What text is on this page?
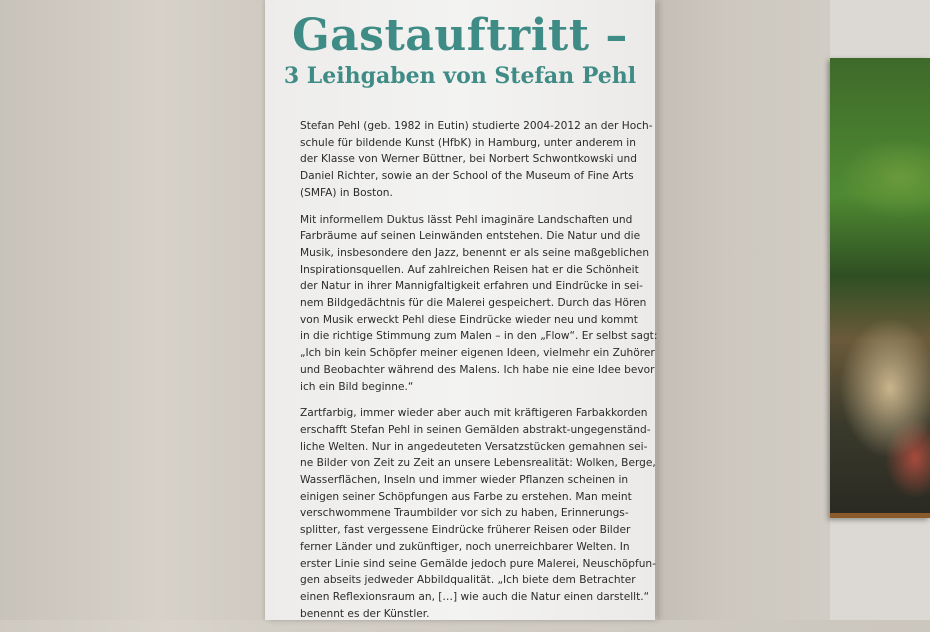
Gastauftritt –
3 Leihgaben von Stefan Pehl

Stefan Pehl (geb. 1982 in Eutin) studierte 2004-2012 an der Hoch-
schule für bildende Kunst (HfbK) in Hamburg, unter anderem in
der Klasse von Werner Büttner, bei Norbert Schwontkowski und
Daniel Richter, sowie an der School of the Museum of Fine Arts
(SMFA) in Boston.

Mit informellem Duktus lässt Pehl imaginäre Landschaften und
Farbräume auf seinen Leinwänden entstehen. Die Natur und die
Musik, insbesondere den Jazz, benennt er als seine maßgeblichen
Inspirationsquellen. Auf zahlreichen Reisen hat er die Schönheit
der Natur in ihrer Mannigfaltigkeit erfahren und Eindrücke in sei-
nem Bildgedächtnis für die Malerei gespeichert. Durch das Hören
von Musik erweckt Pehl diese Eindrücke wieder neu und kommt
in die richtige Stimmung zum Malen – in den „Flow“. Er selbst sagt:
„Ich bin kein Schöpfer meiner eigenen Ideen, vielmehr ein Zuhörer
und Beobachter während des Malens. Ich habe nie eine Idee bevor
ich ein Bild beginne.“

Zartfarbig, immer wieder aber auch mit kräftigeren Farbakkorden
erschafft Stefan Pehl in seinen Gemälden abstrakt-ungegenständ-
liche Welten. Nur in angedeuteten Versatzstücken gemahnen sei-
ne Bilder von Zeit zu Zeit an unsere Lebensrealität: Wolken, Berge,
Wasserflächen, Inseln und immer wieder Pflanzen scheinen in
einigen seiner Schöpfungen aus Farbe zu erstehen. Man meint
verschwommene Traumbilder vor sich zu haben, Erinnerungs-
splitter, fast vergessene Eindrücke früherer Reisen oder Bilder
ferner Länder und zukünftiger, noch unerreichbarer Welten. In
erster Linie sind seine Gemälde jedoch pure Malerei, Neuschöpfun-
gen abseits jedweder Abbildqualität. „Ich biete dem Betrachter
einen Reflexionsraum an, […] wie auch die Natur einen darstellt.“
benennt es der Künstler.
